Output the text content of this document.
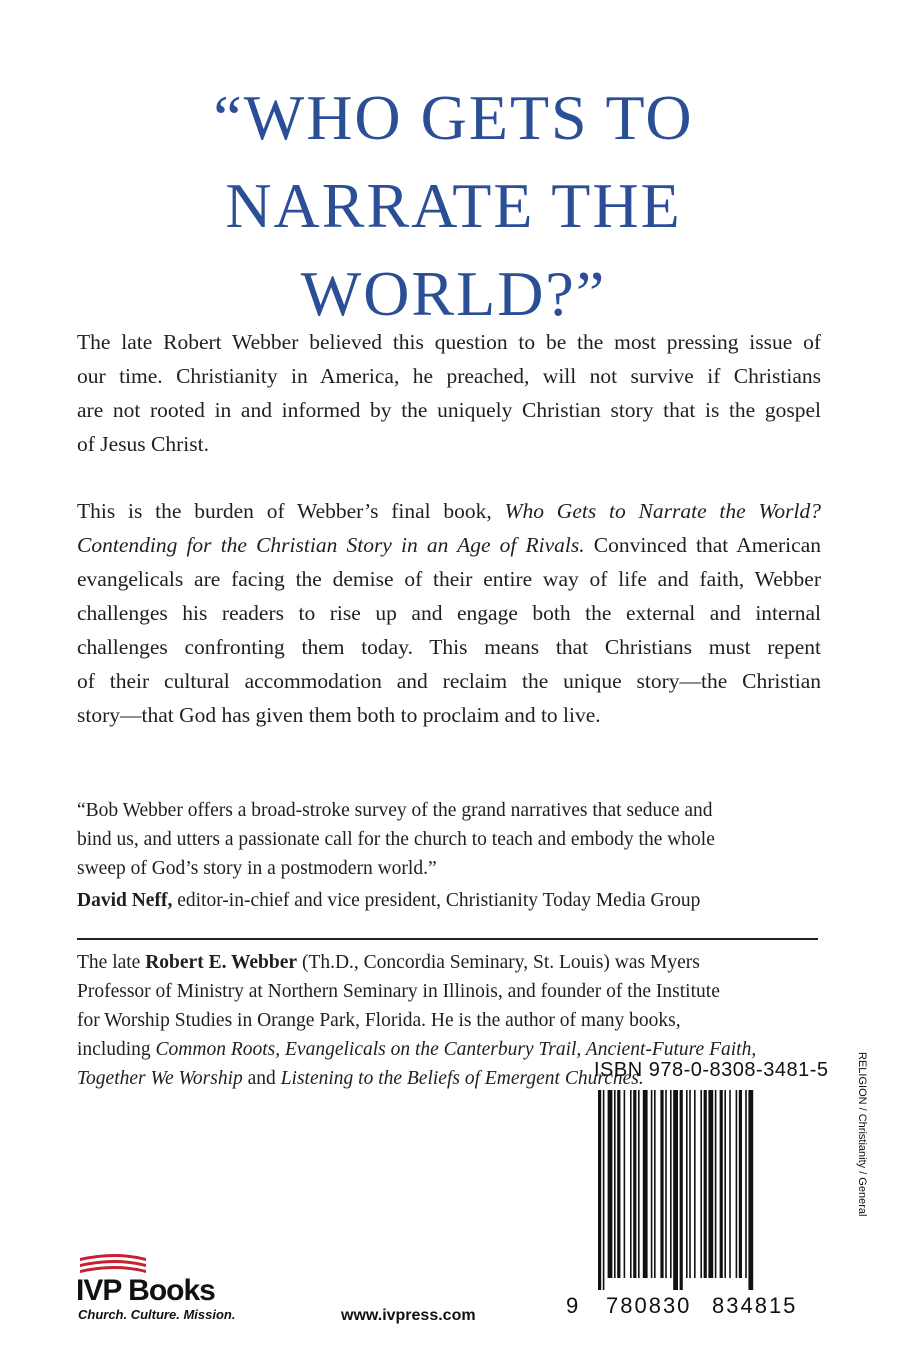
“WHO GETS TO
NARRATE THE
WORLD?”
The late Robert Webber believed this question to be the most pressing issue of
our time. Christianity in America, he preached, will not survive if Christians
are not rooted in and informed by the uniquely Christian story that is the gospel
of Jesus Christ.
This is the burden of Webber’s final book, Who Gets to Narrate the World?
Contending for the Christian Story in an Age of Rivals. Convinced that American
evangelicals are facing the demise of their entire way of life and faith, Webber
challenges his readers to rise up and engage both the external and internal
challenges confronting them today. This means that Christians must repent
of their cultural accommodation and reclaim the unique story—the Christian
story—that God has given them both to proclaim and to live.
“Bob Webber offers a broad-stroke survey of the grand narratives that seduce and
bind us, and utters a passionate call for the church to teach and embody the whole
sweep of God’s story in a postmodern world.”
David Neff, editor-in-chief and vice president, Christianity Today Media Group
The late Robert E. Webber (Th.D., Concordia Seminary, St. Louis) was Myers
Professor of Ministry at Northern Seminary in Illinois, and founder of the Institute
for Worship Studies in Orange Park, Florida. He is the author of many books,
including Common Roots, Evangelicals on the Canterbury Trail, Ancient-Future Faith,
Together We Worship and Listening to the Beliefs of Emergent Churches.
ISBN 978-0-8308-3481-5
9 780830 834815
RELIGION / Christianity / General
IVP Books
Church. Culture. Mission.	www.ivpress.com
